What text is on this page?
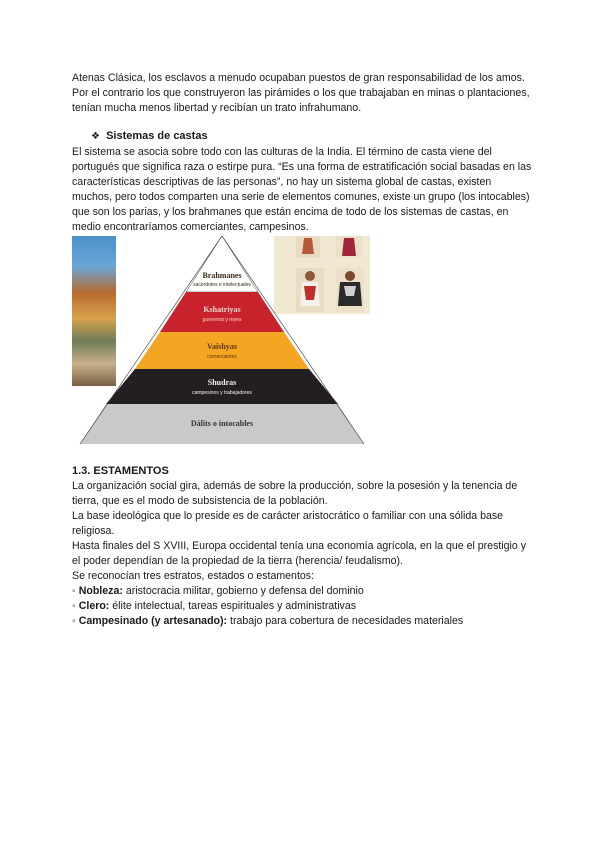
Atenas Clásica, los esclavos a menudo ocupaban puestos de gran responsabilidad de los amos. Por el contrario los que construyeron las pirámides o los que trabajaban en minas o plantaciones, tenían mucha menos libertad y recibían un trato infrahumano.

❖ Sistemas de castas

El sistema se asocia sobre todo con las culturas de la India. El término de casta viene del portugués que significa raza o estirpe pura. “Es una forma de estratificación social basadas en las características descriptivas de las personas”, no hay un sistema global de castas, existen muchos, pero todos comparten una serie de elementos comunes, existe un grupo (los intocables) que son los parias, y los brahmanes que están encima de todo de los sistemas de castas, en medio encontraríamos comerciantes, campesinos.

Brahmanes
sacerdotes e intelectuales
Kshatriyas
guerreros y reyes
Vaishyas
comerciantes
Shudras
campesinos y trabajadores
Dálits o intocables
1.3. ESTAMENTOS

La organización social gira, además de sobre la producción, sobre la posesión y la tenencia de tierra, que es el modo de subsistencia de la población.

La base ideológica que lo preside es de carácter aristocrático o familiar con una sólida base religiosa.

Hasta finales del S XVIII, Europa occidental tenía una economía agrícola, en la que el prestigio y el poder dependían de la propiedad de la tierra (herencia/ feudalismo).

Se reconocían tres estratos, estados o estamentos:

◦ Nobleza: aristocracia militar, gobierno y defensa del dominio
◦ Clero: élite intelectual, tareas espirituales y administrativas
◦ Campesinado (y artesanado): trabajo para cobertura de necesidades materiales
